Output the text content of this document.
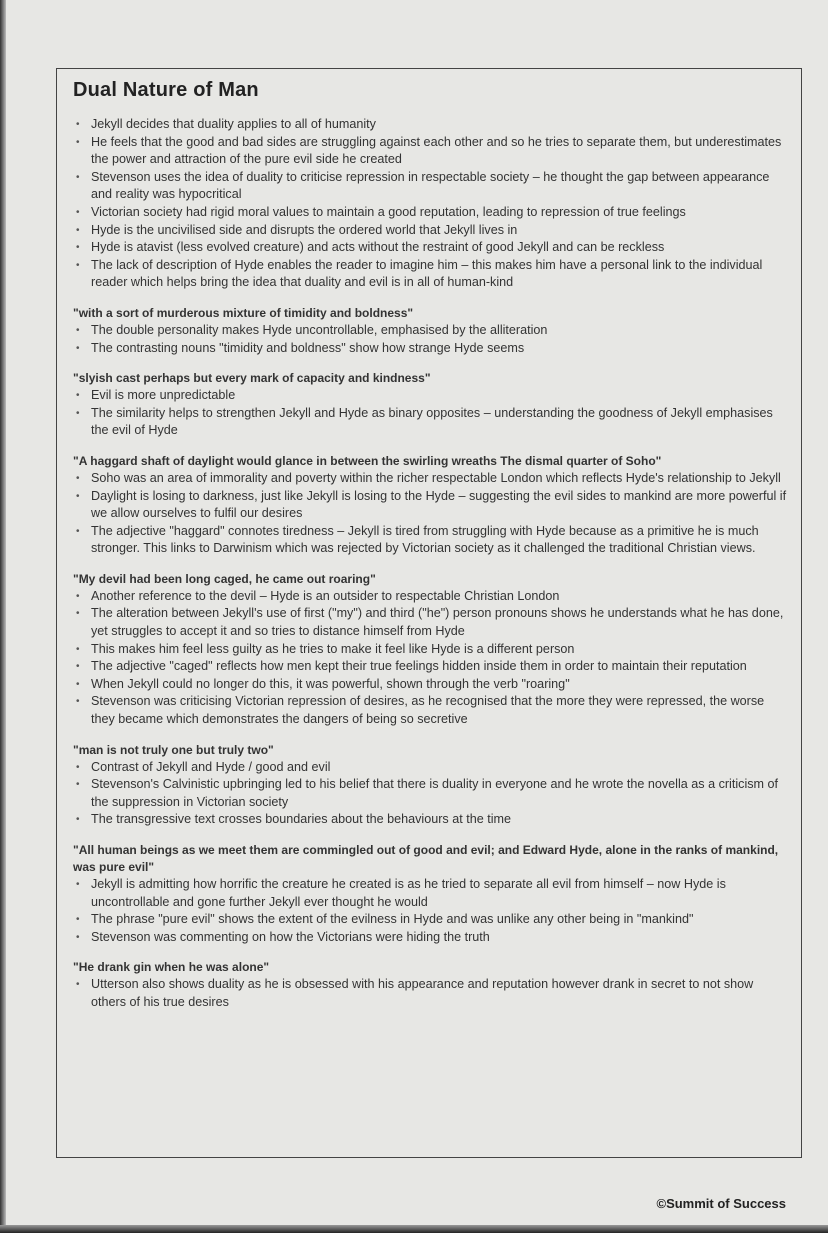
Dual Nature of Man
• Jekyll decides that duality applies to all of humanity
• He feels that the good and bad sides are struggling against each other and so he tries to separate them, but underestimates the power and attraction of the pure evil side he created
• Stevenson uses the idea of duality to criticise repression in respectable society – he thought the gap between appearance and reality was hypocritical
• Victorian society had rigid moral values to maintain a good reputation, leading to repression of true feelings
• Hyde is the uncivilised side and disrupts the ordered world that Jekyll lives in
• Hyde is atavist (less evolved creature) and acts without the restraint of good Jekyll and can be reckless
• The lack of description of Hyde enables the reader to imagine him – this makes him have a personal link to the individual reader which helps bring the idea that duality and evil is in all of human-kind
"with a sort of murderous mixture of timidity and boldness"
• The double personality makes Hyde uncontrollable, emphasised by the alliteration
• The contrasting nouns "timidity and boldness" show how strange Hyde seems
"slyish cast perhaps but every mark of capacity and kindness"
• Evil is more unpredictable
• The similarity helps to strengthen Jekyll and Hyde as binary opposites – understanding the goodness of Jekyll emphasises the evil of Hyde
"A haggard shaft of daylight would glance in between the swirling wreaths The dismal quarter of Soho"
• Soho was an area of immorality and poverty within the richer respectable London which reflects Hyde's relationship to Jekyll
• Daylight is losing to darkness, just like Jekyll is losing to the Hyde – suggesting the evil sides to mankind are more powerful if we allow ourselves to fulfil our desires
• The adjective "haggard" connotes tiredness – Jekyll is tired from struggling with Hyde because as a primitive he is much stronger. This links to Darwinism which was rejected by Victorian society as it challenged the traditional Christian views.
"My devil had been long caged, he came out roaring"
• Another reference to the devil – Hyde is an outsider to respectable Christian London
• The alteration between Jekyll's use of first ("my") and third ("he") person pronouns shows he understands what he has done, yet struggles to accept it and so tries to distance himself from Hyde
• This makes him feel less guilty as he tries to make it feel like Hyde is a different person
• The adjective "caged" reflects how men kept their true feelings hidden inside them in order to maintain their reputation
• When Jekyll could no longer do this, it was powerful, shown through the verb "roaring"
• Stevenson was criticising Victorian repression of desires, as he recognised that the more they were repressed, the worse they became which demonstrates the dangers of being so secretive
"man is not truly one but truly two"
• Contrast of Jekyll and Hyde / good and evil
• Stevenson's Calvinistic upbringing led to his belief that there is duality in everyone and he wrote the novella as a criticism of the suppression in Victorian society
• The transgressive text crosses boundaries about the behaviours at the time
"All human beings as we meet them are commingled out of good and evil; and Edward Hyde, alone in the ranks of mankind, was pure evil"
• Jekyll is admitting how horrific the creature he created is as he tried to separate all evil from himself – now Hyde is uncontrollable and gone further Jekyll ever thought he would
• The phrase "pure evil" shows the extent of the evilness in Hyde and was unlike any other being in "mankind"
• Stevenson was commenting on how the Victorians were hiding the truth
"He drank gin when he was alone"
• Utterson also shows duality as he is obsessed with his appearance and reputation however drank in secret to not show others of his true desires
©Summit of Success
